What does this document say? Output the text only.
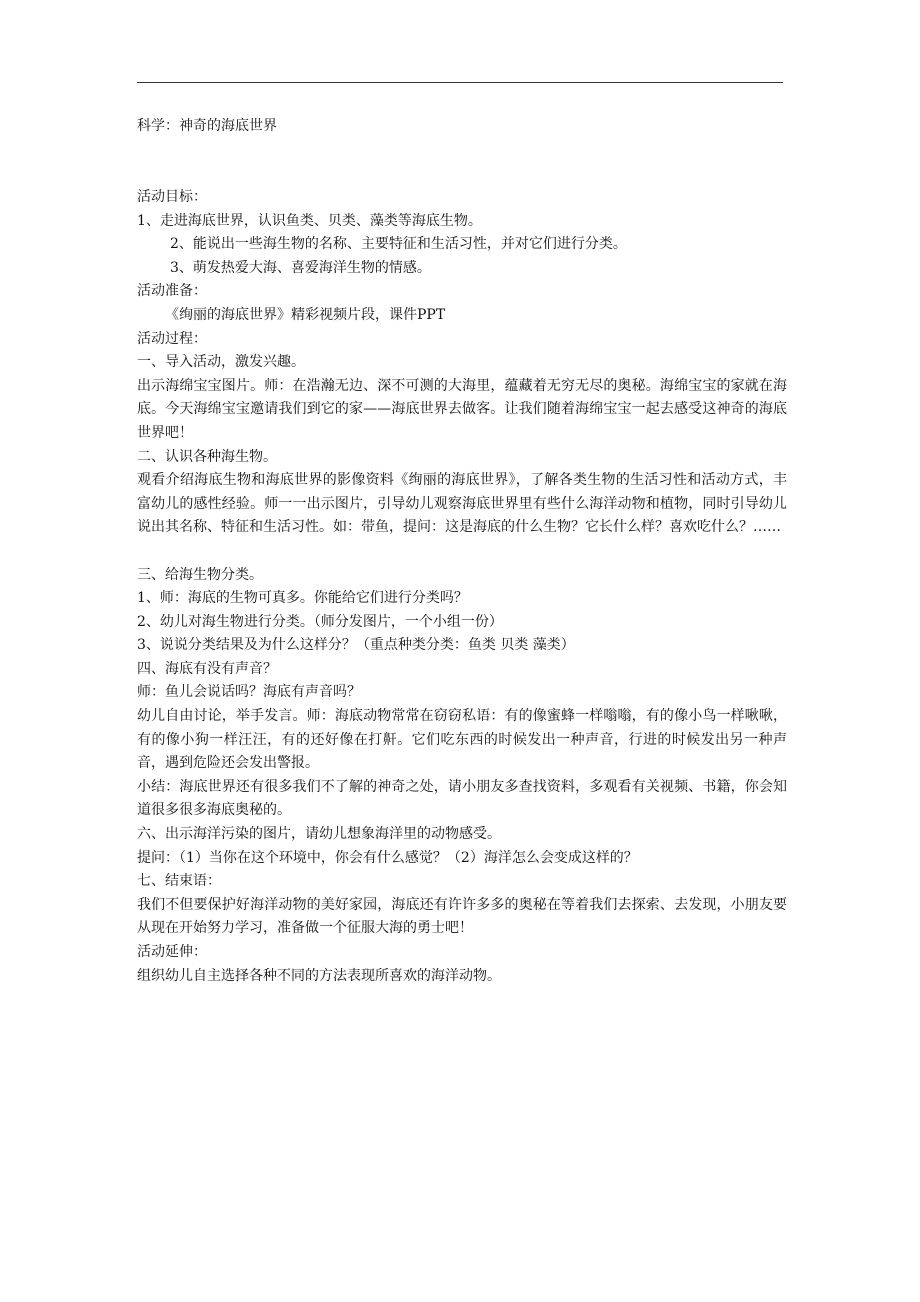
科学：神奇的海底世界

活动目标：

1、走进海底世界，认识鱼类、贝类、藻类等海底生物。

2、能说出一些海生物的名称、主要特征和生活习性，并对它们进行分类。

3、萌发热爱大海、喜爱海洋生物的情感。

活动准备：

《绚丽的海底世界》精彩视频片段，课件PPT

活动过程：

一、导入活动，激发兴趣。

出示海绵宝宝图片。师：在浩瀚无边、深不可测的大海里，蕴藏着无穷无尽的奥秘。海绵宝宝的家就在海底。今天海绵宝宝邀请我们到它的家——海底世界去做客。让我们随着海绵宝宝一起去感受这神奇的海底世界吧！

二、认识各种海生物。

观看介绍海底生物和海底世界的影像资料《绚丽的海底世界》，了解各类生物的生活习性和活动方式，丰富幼儿的感性经验。师一一出示图片，引导幼儿观察海底世界里有些什么海洋动物和植物，同时引导幼儿说出其名称、特征和生活习性。如：带鱼，提问：这是海底的什么生物？它长什么样？喜欢吃什么？……

三、给海生物分类。

1、师：海底的生物可真多。你能给它们进行分类吗？

2、幼儿对海生物进行分类。（师分发图片，一个小组一份）

3、说说分类结果及为什么这样分？（重点种类分类：鱼类 贝类 藻类）

四、海底有没有声音？

师：鱼儿会说话吗？海底有声音吗？

幼儿自由讨论，举手发言。师：海底动物常常在窃窃私语：有的像蜜蜂一样嗡嗡，有的像小鸟一样啾啾，有的像小狗一样汪汪，有的还好像在打鼾。它们吃东西的时候发出一种声音，行进的时候发出另一种声音，遇到危险还会发出警报。

小结：海底世界还有很多我们不了解的神奇之处，请小朋友多查找资料，多观看有关视频、书籍，你会知道很多很多海底奥秘的。

六、出示海洋污染的图片，请幼儿想象海洋里的动物感受。

提问：（1）当你在这个环境中，你会有什么感觉？（2）海洋怎么会变成这样的？

七、结束语：

我们不但要保护好海洋动物的美好家园，海底还有许许多多的奥秘在等着我们去探索、去发现，小朋友要从现在开始努力学习，准备做一个征服大海的勇士吧！

活动延伸：

组织幼儿自主选择各种不同的方法表现所喜欢的海洋动物。
